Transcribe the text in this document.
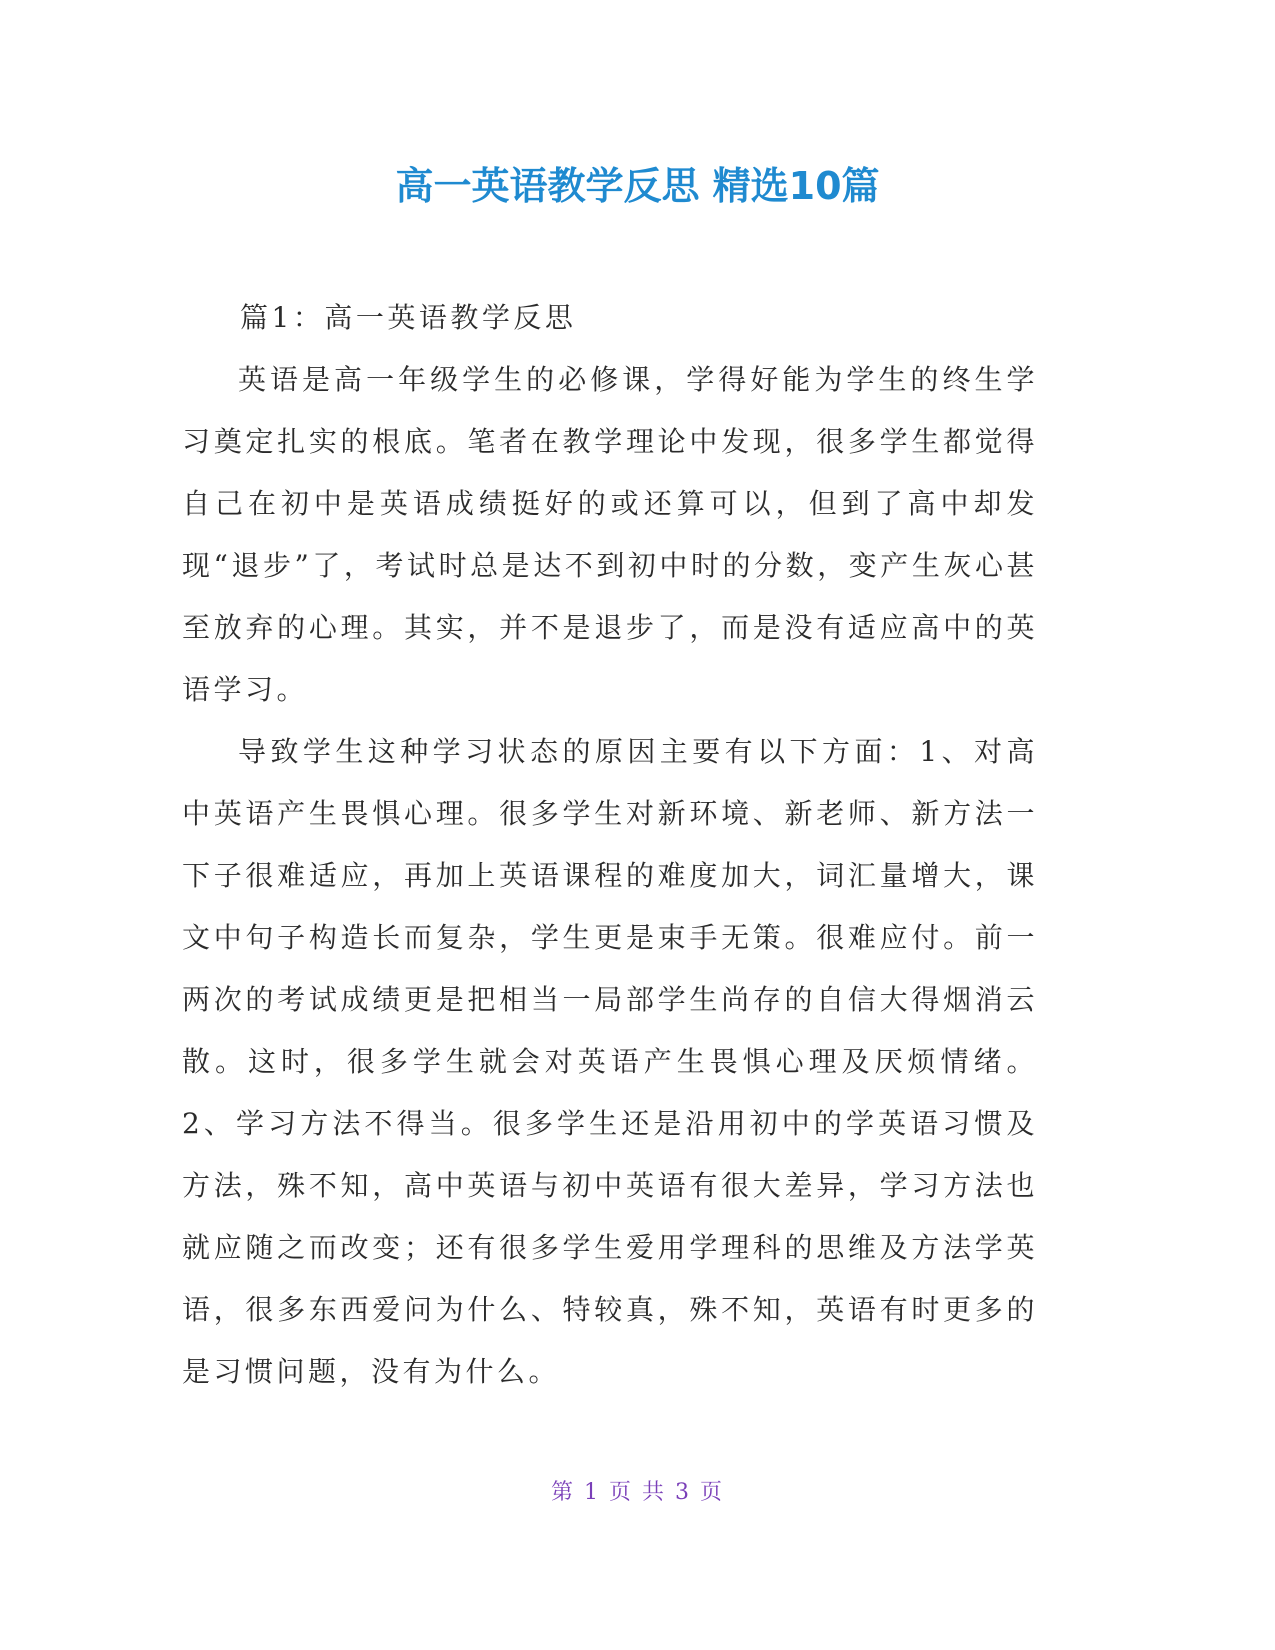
高一英语教学反思 精选10篇

篇1：高一英语教学反思

英语是高一年级学生的必修课，学得好能为学生的终生学习奠定扎实的根底。笔者在教学理论中发现，很多学生都觉得自己在初中是英语成绩挺好的或还算可以，但到了高中却发现“退步”了，考试时总是达不到初中时的分数，变产生灰心甚至放弃的心理。其实，并不是退步了，而是没有适应高中的英语学习。

导致学生这种学习状态的原因主要有以下方面：1、对高中英语产生畏惧心理。很多学生对新环境、新老师、新方法一下子很难适应，再加上英语课程的难度加大，词汇量增大，课文中句子构造长而复杂，学生更是束手无策。很难应付。前一两次的考试成绩更是把相当一局部学生尚存的自信大得烟消云散。这时，很多学生就会对英语产生畏惧心理及厌烦情绪。2、学习方法不得当。很多学生还是沿用初中的学英语习惯及方法，殊不知，高中英语与初中英语有很大差异，学习方法也就应随之而改变；还有很多学生爱用学理科的思维及方法学英语，很多东西爱问为什么、特较真，殊不知，英语有时更多的是习惯问题，没有为什么。

第 1 页 共 3 页
